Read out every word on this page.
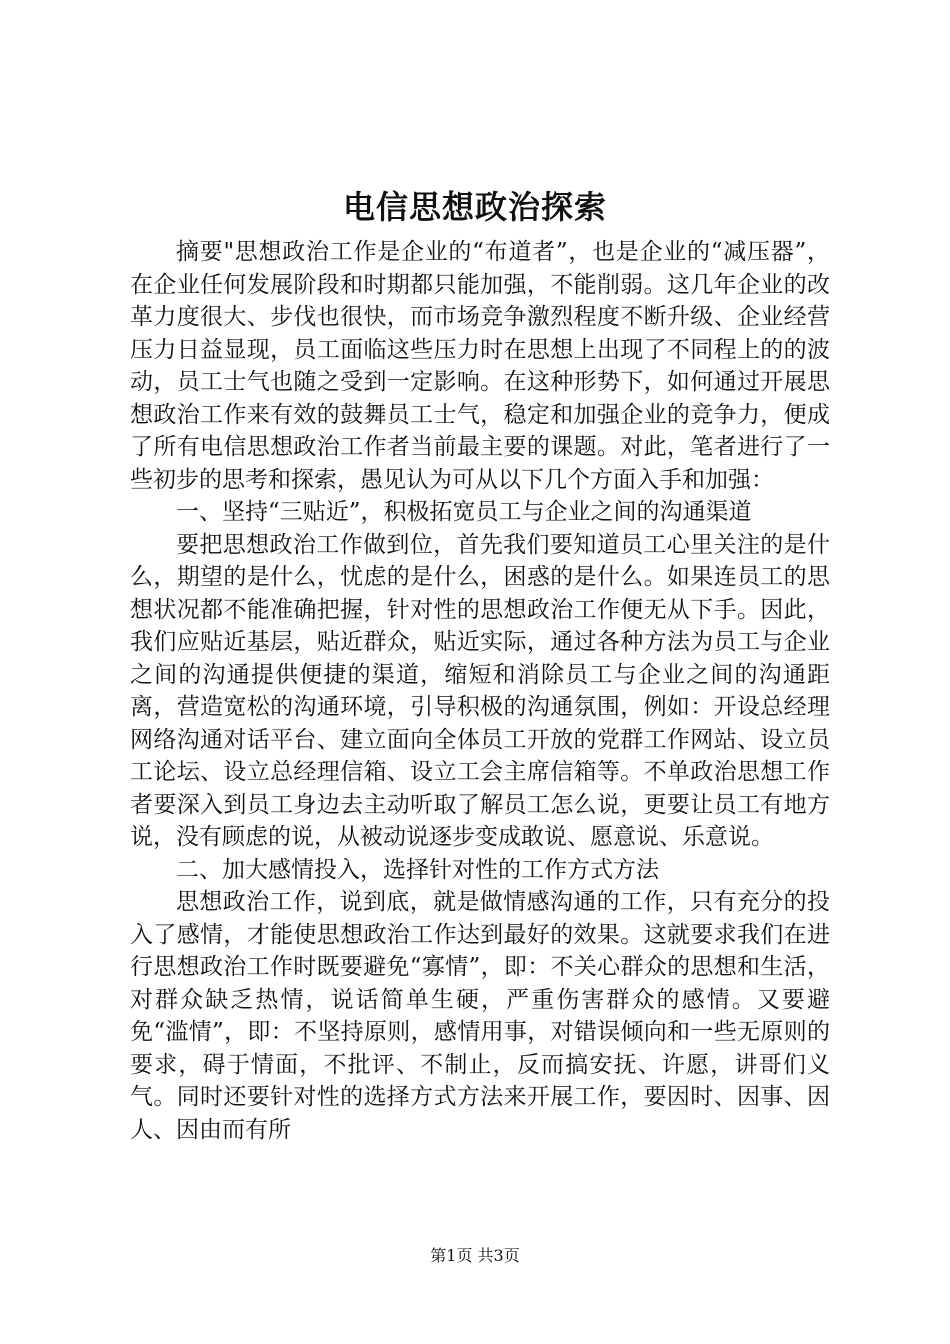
电信思想政治探索

摘要"思想政治工作是企业的“布道者”，也是企业的“减压器”，在企业任何发展阶段和时期都只能加强，不能削弱。这几年企业的改革力度很大、步伐也很快，而市场竞争激烈程度不断升级、企业经营压力日益显现，员工面临这些压力时在思想上出现了不同程上的的波动，员工士气也随之受到一定影响。在这种形势下，如何通过开展思想政治工作来有效的鼓舞员工士气，稳定和加强企业的竞争力，便成了所有电信思想政治工作者当前最主要的课题。对此，笔者进行了一些初步的思考和探索，愚见认为可从以下几个方面入手和加强：

一、坚持“三贴近”，积极拓宽员工与企业之间的沟通渠道

要把思想政治工作做到位，首先我们要知道员工心里关注的是什么，期望的是什么，忧虑的是什么，困惑的是什么。如果连员工的思想状况都不能准确把握，针对性的思想政治工作便无从下手。因此，我们应贴近基层，贴近群众，贴近实际，通过各种方法为员工与企业之间的沟通提供便捷的渠道，缩短和消除员工与企业之间的沟通距离，营造宽松的沟通环境，引导积极的沟通氛围，例如：开设总经理网络沟通对话平台、建立面向全体员工开放的党群工作网站、设立员工论坛、设立总经理信箱、设立工会主席信箱等。不单政治思想工作者要深入到员工身边去主动听取了解员工怎么说，更要让员工有地方说，没有顾虑的说，从被动说逐步变成敢说、愿意说、乐意说。

二、加大感情投入，选择针对性的工作方式方法

思想政治工作，说到底，就是做情感沟通的工作，只有充分的投入了感情，才能使思想政治工作达到最好的效果。这就要求我们在进行思想政治工作时既要避免“寡情”，即：不关心群众的思想和生活，对群众缺乏热情，说话简单生硬，严重伤害群众的感情。又要避免“滥情”，即：不坚持原则，感情用事，对错误倾向和一些无原则的要求，碍于情面，不批评、不制止，反而搞安抚、许愿，讲哥们义气。同时还要针对性的选择方式方法来开展工作，要因时、因事、因人、因由而有所

第1页 共3页
